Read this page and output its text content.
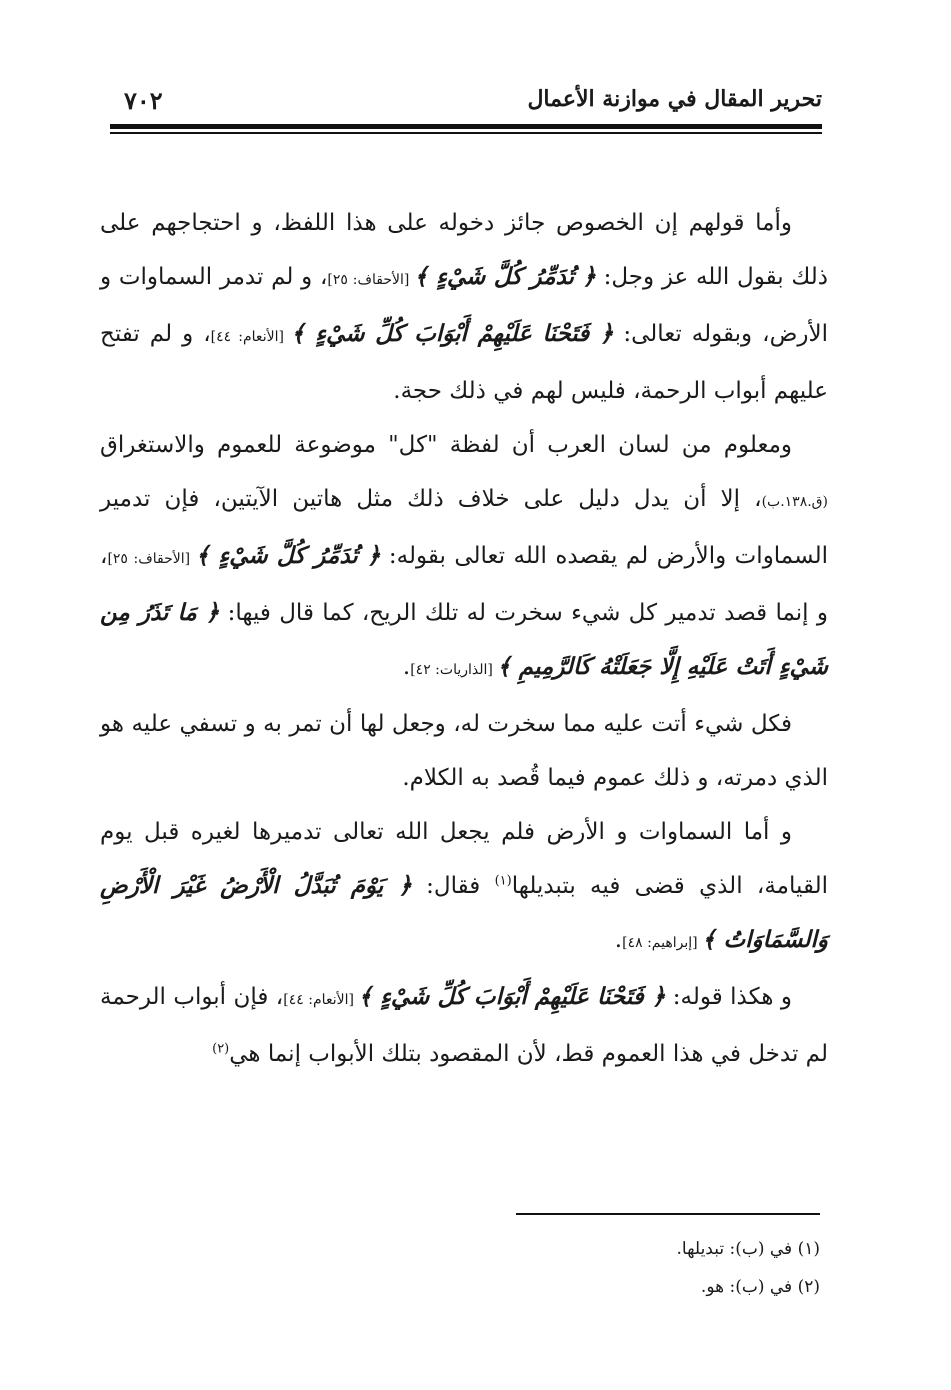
تحرير المقال في موازنة الأعمال
٧٠٢

وأما قولهم إن الخصوص جائز دخوله على هذا اللفظ، و احتجاجهم على ذلك بقول الله عز وجل: ﴿ تُدَمِّرُ كُلَّ شَيْءٍ ﴾ [الأحقاف: ٢٥]، و لم تدمر السماوات و الأرض، وبقوله تعالى: ﴿ فَتَحْنَا عَلَيْهِمْ أَبْوَابَ كُلِّ شَيْءٍ ﴾ [الأنعام: ٤٤]، و لم تفتح عليهم أبواب الرحمة، فليس لهم في ذلك حجة.

ومعلوم من لسان العرب أن لفظة "كل" موضوعة للعموم والاستغراق (ق.١٣٨.ب)، إلا أن يدل دليل على خلاف ذلك مثل هاتين الآيتين، فإن تدمير السماوات والأرض لم يقصده الله تعالى بقوله: ﴿ تُدَمِّرُ كُلَّ شَيْءٍ ﴾ [الأحقاف: ٢٥]، و إنما قصد تدمير كل شيء سخرت له تلك الريح، كما قال فيها: ﴿ مَا تَذَرُ مِن شَيْءٍ أَتَتْ عَلَيْهِ إِلَّا جَعَلَتْهُ كَالرَّمِيمِ ﴾ [الذاريات: ٤٢].

فكل شيء أتت عليه مما سخرت له، وجعل لها أن تمر به و تسفي عليه هو الذي دمرته، و ذلك عموم فيما قُصد به الكلام.

و أما السماوات و الأرض فلم يجعل الله تعالى تدميرها لغيره قبل يوم القيامة، الذي قضى فيه بتبديلها$^{(١)}$ فقال: ﴿ يَوْمَ تُبَدَّلُ الْأَرْضُ غَيْرَ الْأَرْضِ وَالسَّمَاوَاتُ ﴾ [إبراهيم: ٤٨].

و هكذا قوله: ﴿ فَتَحْنَا عَلَيْهِمْ أَبْوَابَ كُلِّ شَيْءٍ ﴾ [الأنعام: ٤٤]، فإن أبواب الرحمة لم تدخل في هذا العموم قط، لأن المقصود بتلك الأبواب إنما هي$^{(٢)}$

(١) في (ب): تبديلها.
(٢) في (ب): هو.
